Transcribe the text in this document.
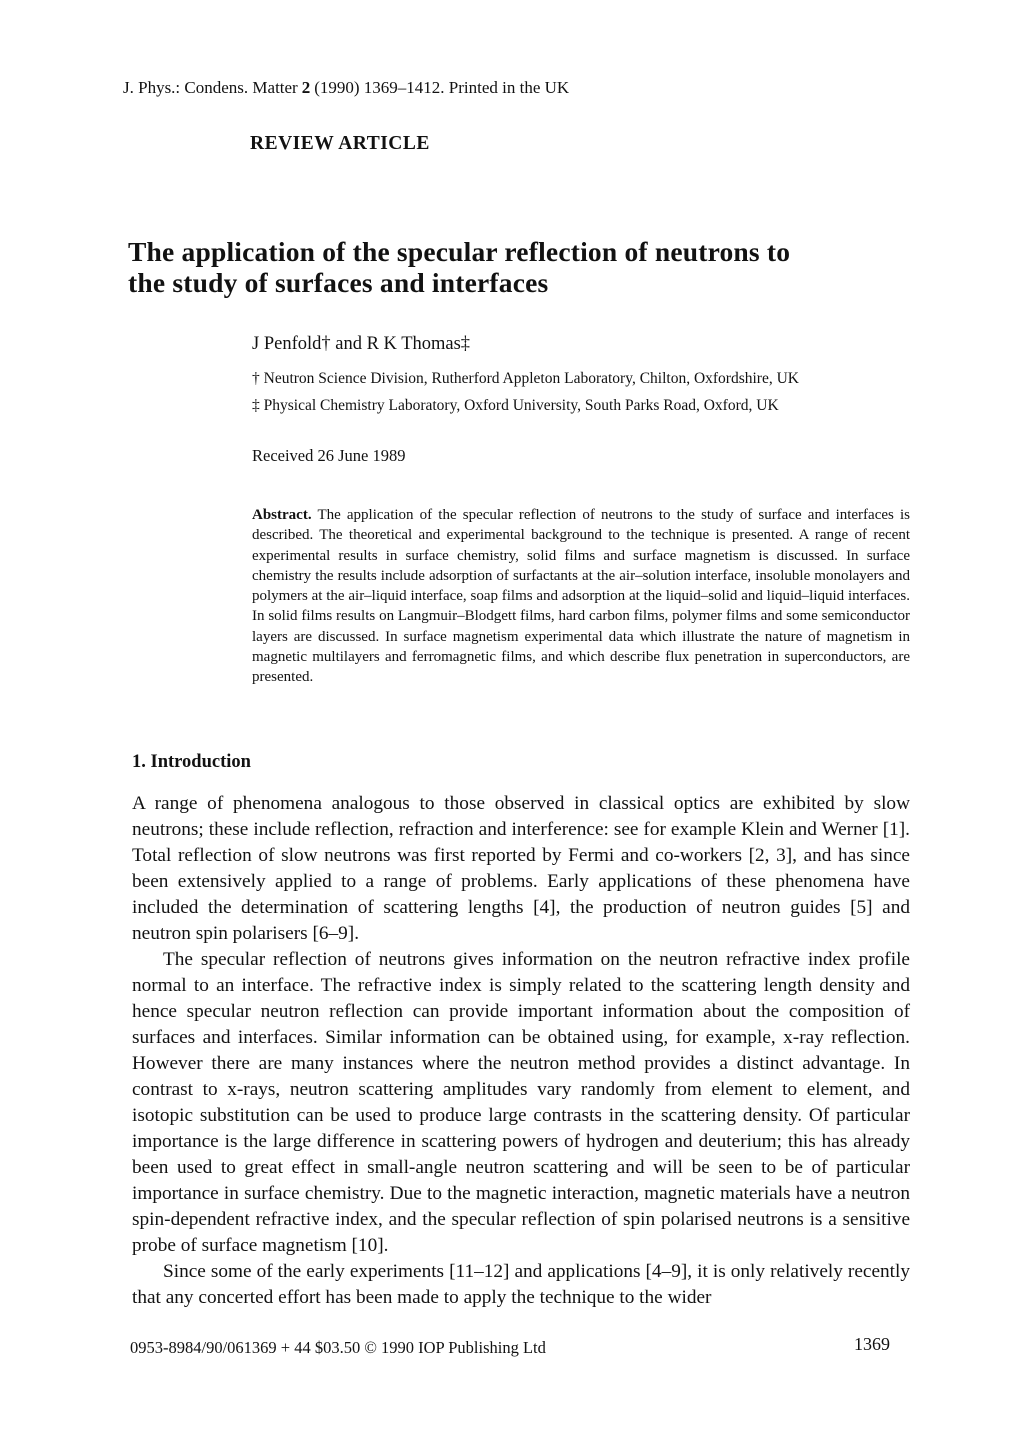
J. Phys.: Condens. Matter 2 (1990) 1369–1412. Printed in the UK
REVIEW ARTICLE
The application of the specular reflection of neutrons to
the study of surfaces and interfaces
J Penfold† and R K Thomas‡
† Neutron Science Division, Rutherford Appleton Laboratory, Chilton, Oxfordshire, UK
‡ Physical Chemistry Laboratory, Oxford University, South Parks Road, Oxford, UK
Received 26 June 1989
Abstract. The application of the specular reflection of neutrons to the study of surface and interfaces is described. The theoretical and experimental background to the technique is presented. A range of recent experimental results in surface chemistry, solid films and surface magnetism is discussed. In surface chemistry the results include adsorption of surfactants at the air–solution interface, insoluble monolayers and polymers at the air–liquid interface, soap films and adsorption at the liquid–solid and liquid–liquid interfaces. In solid films results on Langmuir–Blodgett films, hard carbon films, polymer films and some semiconductor layers are discussed. In surface magnetism experimental data which illustrate the nature of magnetism in magnetic multilayers and ferromagnetic films, and which describe flux penetration in superconductors, are presented.
1. Introduction

A range of phenomena analogous to those observed in classical optics are exhibited by slow neutrons; these include reflection, refraction and interference: see for example Klein and Werner [1]. Total reflection of slow neutrons was first reported by Fermi and co-workers [2, 3], and has since been extensively applied to a range of problems. Early applications of these phenomena have included the determination of scattering lengths [4], the production of neutron guides [5] and neutron spin polarisers [6–9].

The specular reflection of neutrons gives information on the neutron refractive index profile normal to an interface. The refractive index is simply related to the scattering length density and hence specular neutron reflection can provide important information about the composition of surfaces and interfaces. Similar information can be obtained using, for example, x-ray reflection. However there are many instances where the neutron method provides a distinct advantage. In contrast to x-rays, neutron scattering amplitudes vary randomly from element to element, and isotopic substitution can be used to produce large contrasts in the scattering density. Of particular importance is the large difference in scattering powers of hydrogen and deuterium; this has already been used to great effect in small-angle neutron scattering and will be seen to be of particular importance in surface chemistry. Due to the magnetic interaction, magnetic materials have a neutron spin-dependent refractive index, and the specular reflection of spin polarised neutrons is a sensitive probe of surface magnetism [10].

Since some of the early experiments [11–12] and applications [4–9], it is only relatively recently that any concerted effort has been made to apply the technique to the wider

0953-8984/90/061369 + 44 $03.50 © 1990 IOP Publishing Ltd	1369
